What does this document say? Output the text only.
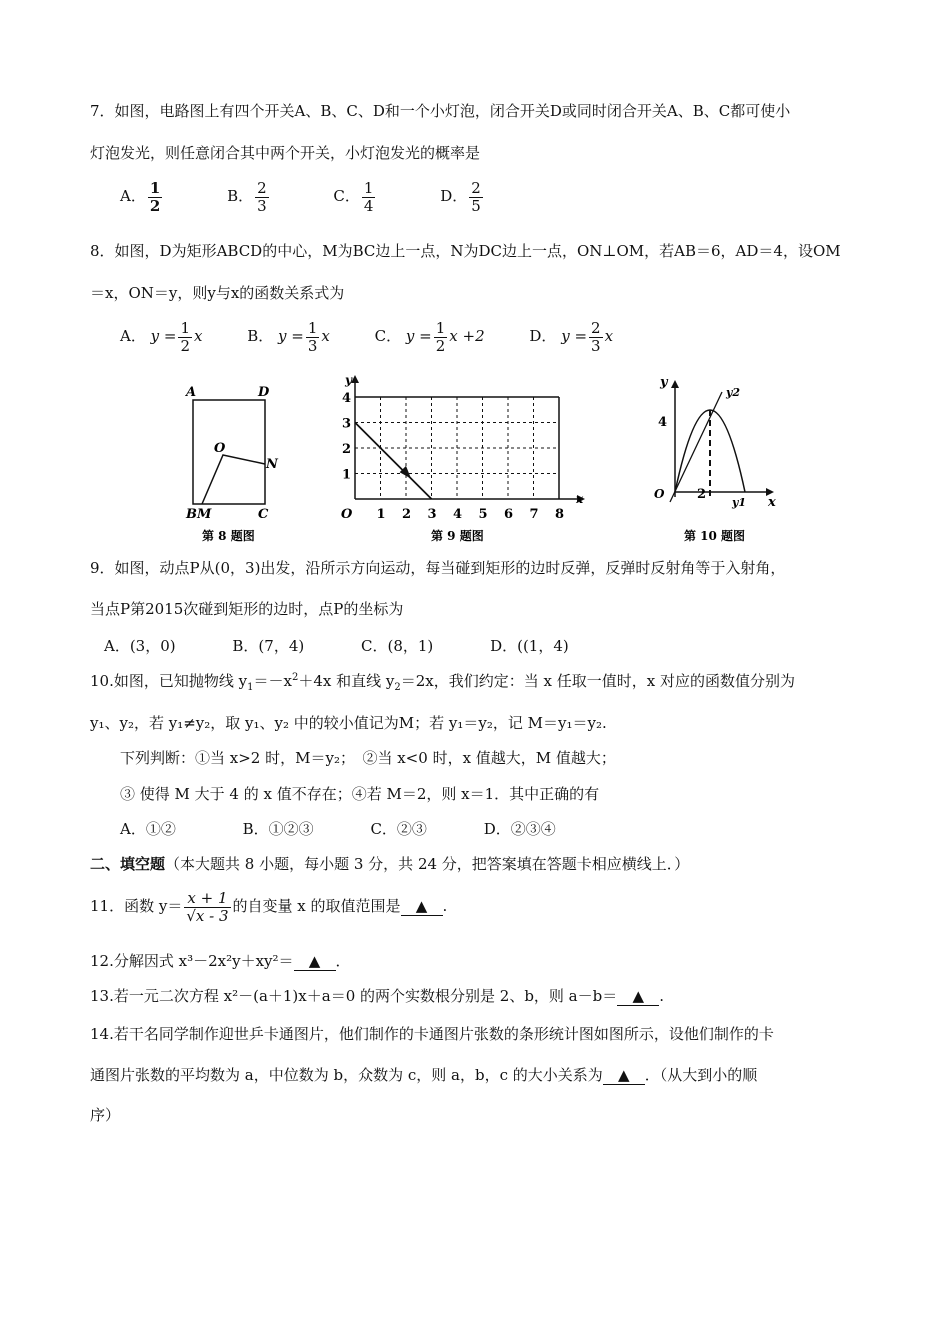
7．如图，电路图上有四个开关A、B、C、D和一个小灯泡，闭合开关D或同时闭合开关A、B、C都可使小
灯泡发光，则任意闭合其中两个开关，小灯泡发光的概率是
A． $\frac{1}{2}$	B． $\frac{2}{3}$	C． $\frac{1}{4}$	D． $\frac{2}{5}$
8．如图，D为矩形ABCD的中心，M为BC边上一点，N为DC边上一点，ON⊥OM，若AB＝6，AD＝4，设OM
＝x，ON＝y，则y与x的函数关系式为
A． $y = \frac{1}{2}$ x	B． $y = \frac{1}{3}$ x	C． $y = \frac{1}{2}$ x +2	D． $y = \frac{2}{3}$ x
A	D
O
N
BM	C
第 8 题图
1 2 3 4 5 6 7 8
1
2
3
4
y
x
O
第 9 题图
y
x
4
2
O
y2
y1
第 10 题图
9．如图，动点P从(0，3)出发，沿所示方向运动，每当碰到矩形的边时反弹，反弹时反射角等于入射角，
当点P第2015次碰到矩形的边时，点P的坐标为
A．(3，0)	B．(7，4)	C．(8，1)	D．((1，4)
10.如图，已知抛物线 $y_1=-x^2+4x$ 和直线 $y_2=2x$，我们约定：当 x 任取一值时，x 对应的函数值分别为
y₁、y₂，若 y₁≠y₂，取 y₁、y₂ 中的较小值记为M；若 y₁＝y₂，记 M＝y₁＝y₂.
下列判断：①当 x>2 时，M＝y₂；　②当 x<0 时，x 值越大，M 值越大；
③ 使得 M 大于 4 的 x 值不存在；④若 M＝2，则 x＝1．其中正确的有
A．①②	B．①②③	C．②③	D．②③④
二、填空题（本大题共 8 小题，每小题 3 分，共 24 分，把答案填在答题卡相应横线上．）
11．函数 $y= \frac{x + 1}{√x - 3}$ 的自变量 x 的取值范围是 ▲ .
12.分解因式 x³－2x²y＋xy²＝ ▲ ．
13.若一元二次方程 x²－(a＋1)x＋a＝0 的两个实数根分别是 2、b，则 a－b＝ ▲ .
14.若干名同学制作迎世乒卡通图片，他们制作的卡通图片张数的条形统计图如图所示，设他们制作的卡
通图片张数的平均数为 a，中位数为 b，众数为 c，则 a，b，c 的大小关系为 ▲ ．（从大到小的顺
序）
